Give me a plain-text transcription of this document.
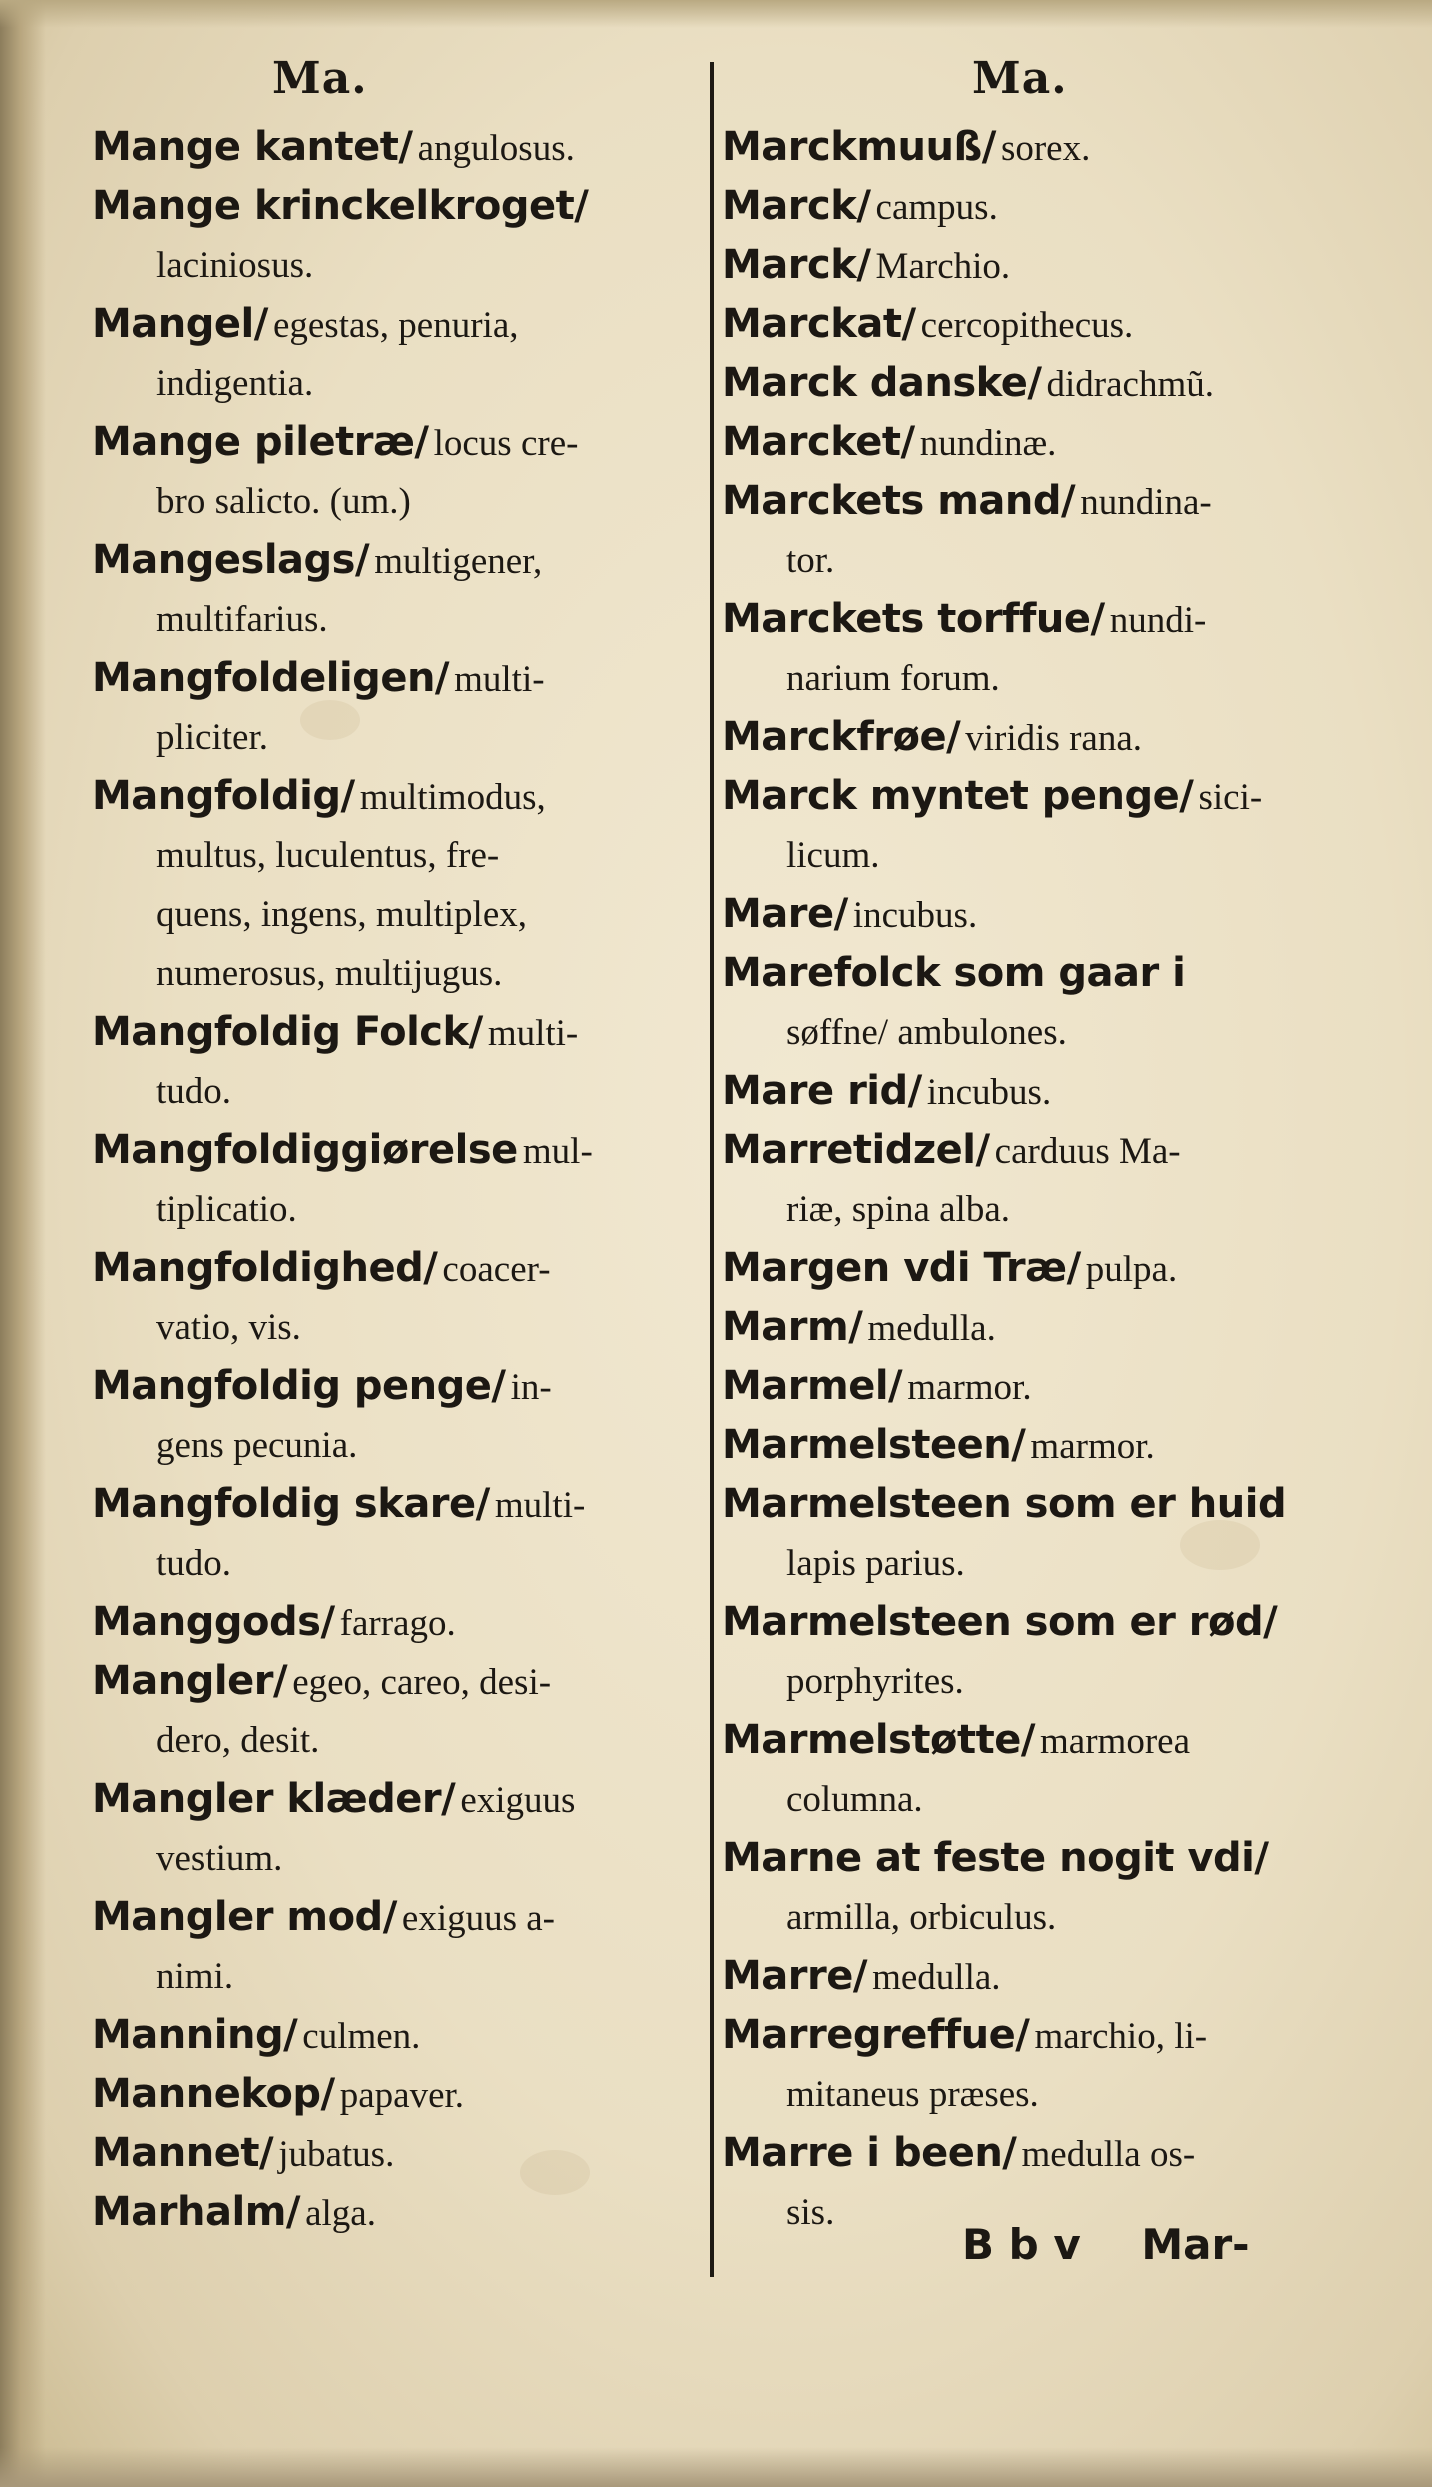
Ma.
Mange kantet/ angulosus.
Mange krinckelkroget/
laciniosus.
Mangel/ egestas, penuria,
indigentia.
Mange piletræ/ locus cre-
bro salicto. (um.)
Mangeslags/ multigener,
multifarius.
Mangfoldeligen/ multi-
pliciter.
Mangfoldig/ multimodus,
multus, luculentus, fre-
quens, ingens, multiplex,
numerosus, multijugus.
Mangfoldig Folck/ multi-
tudo.
Mangfoldiggiørelse mul-
tiplicatio.
Mangfoldighed/ coacer-
vatio, vis.
Mangfoldig penge/ in-
gens pecunia.
Mangfoldig skare/ multi-
tudo.
Manggods/ farrago.
Mangler/ egeo, careo, desi-
dero, desit.
Mangler klæder/ exiguus
vestium.
Mangler mod/ exiguus a-
nimi.
Manning/ culmen.
Mannekop/ papaver.
Mannet/ jubatus.
Marhalm/ alga.
Ma.
Marckmuuß/ sorex.
Marck/ campus.
Marck/ Marchio.
Marckat/ cercopithecus.
Marck danske/ didrachmũ.
Marcket/ nundinæ.
Marckets mand/ nundina-
tor.
Marckets torffue/ nundi-
narium forum.
Marckfrøe/ viridis rana.
Marck myntet penge/ sici-
licum.
Mare/ incubus.
Marefolck som gaar i
søffne/ ambulones.
Mare rid/ incubus.
Marretidzel/ carduus Ma-
riæ, spina alba.
Margen vdi Træ/ pulpa.
Marm/ medulla.
Marmel/ marmor.
Marmelsteen/ marmor.
Marmelsteen som er huid
lapis parius.
Marmelsteen som er rød/
porphyrites.
Marmelstøtte/ marmorea
columna.
Marne at feste nogit vdi/
armilla, orbiculus.
Marre/ medulla.
Marregreffue/ marchio, li-
mitaneus præses.
Marre i been/ medulla os-
sis.
B b v Mar-
